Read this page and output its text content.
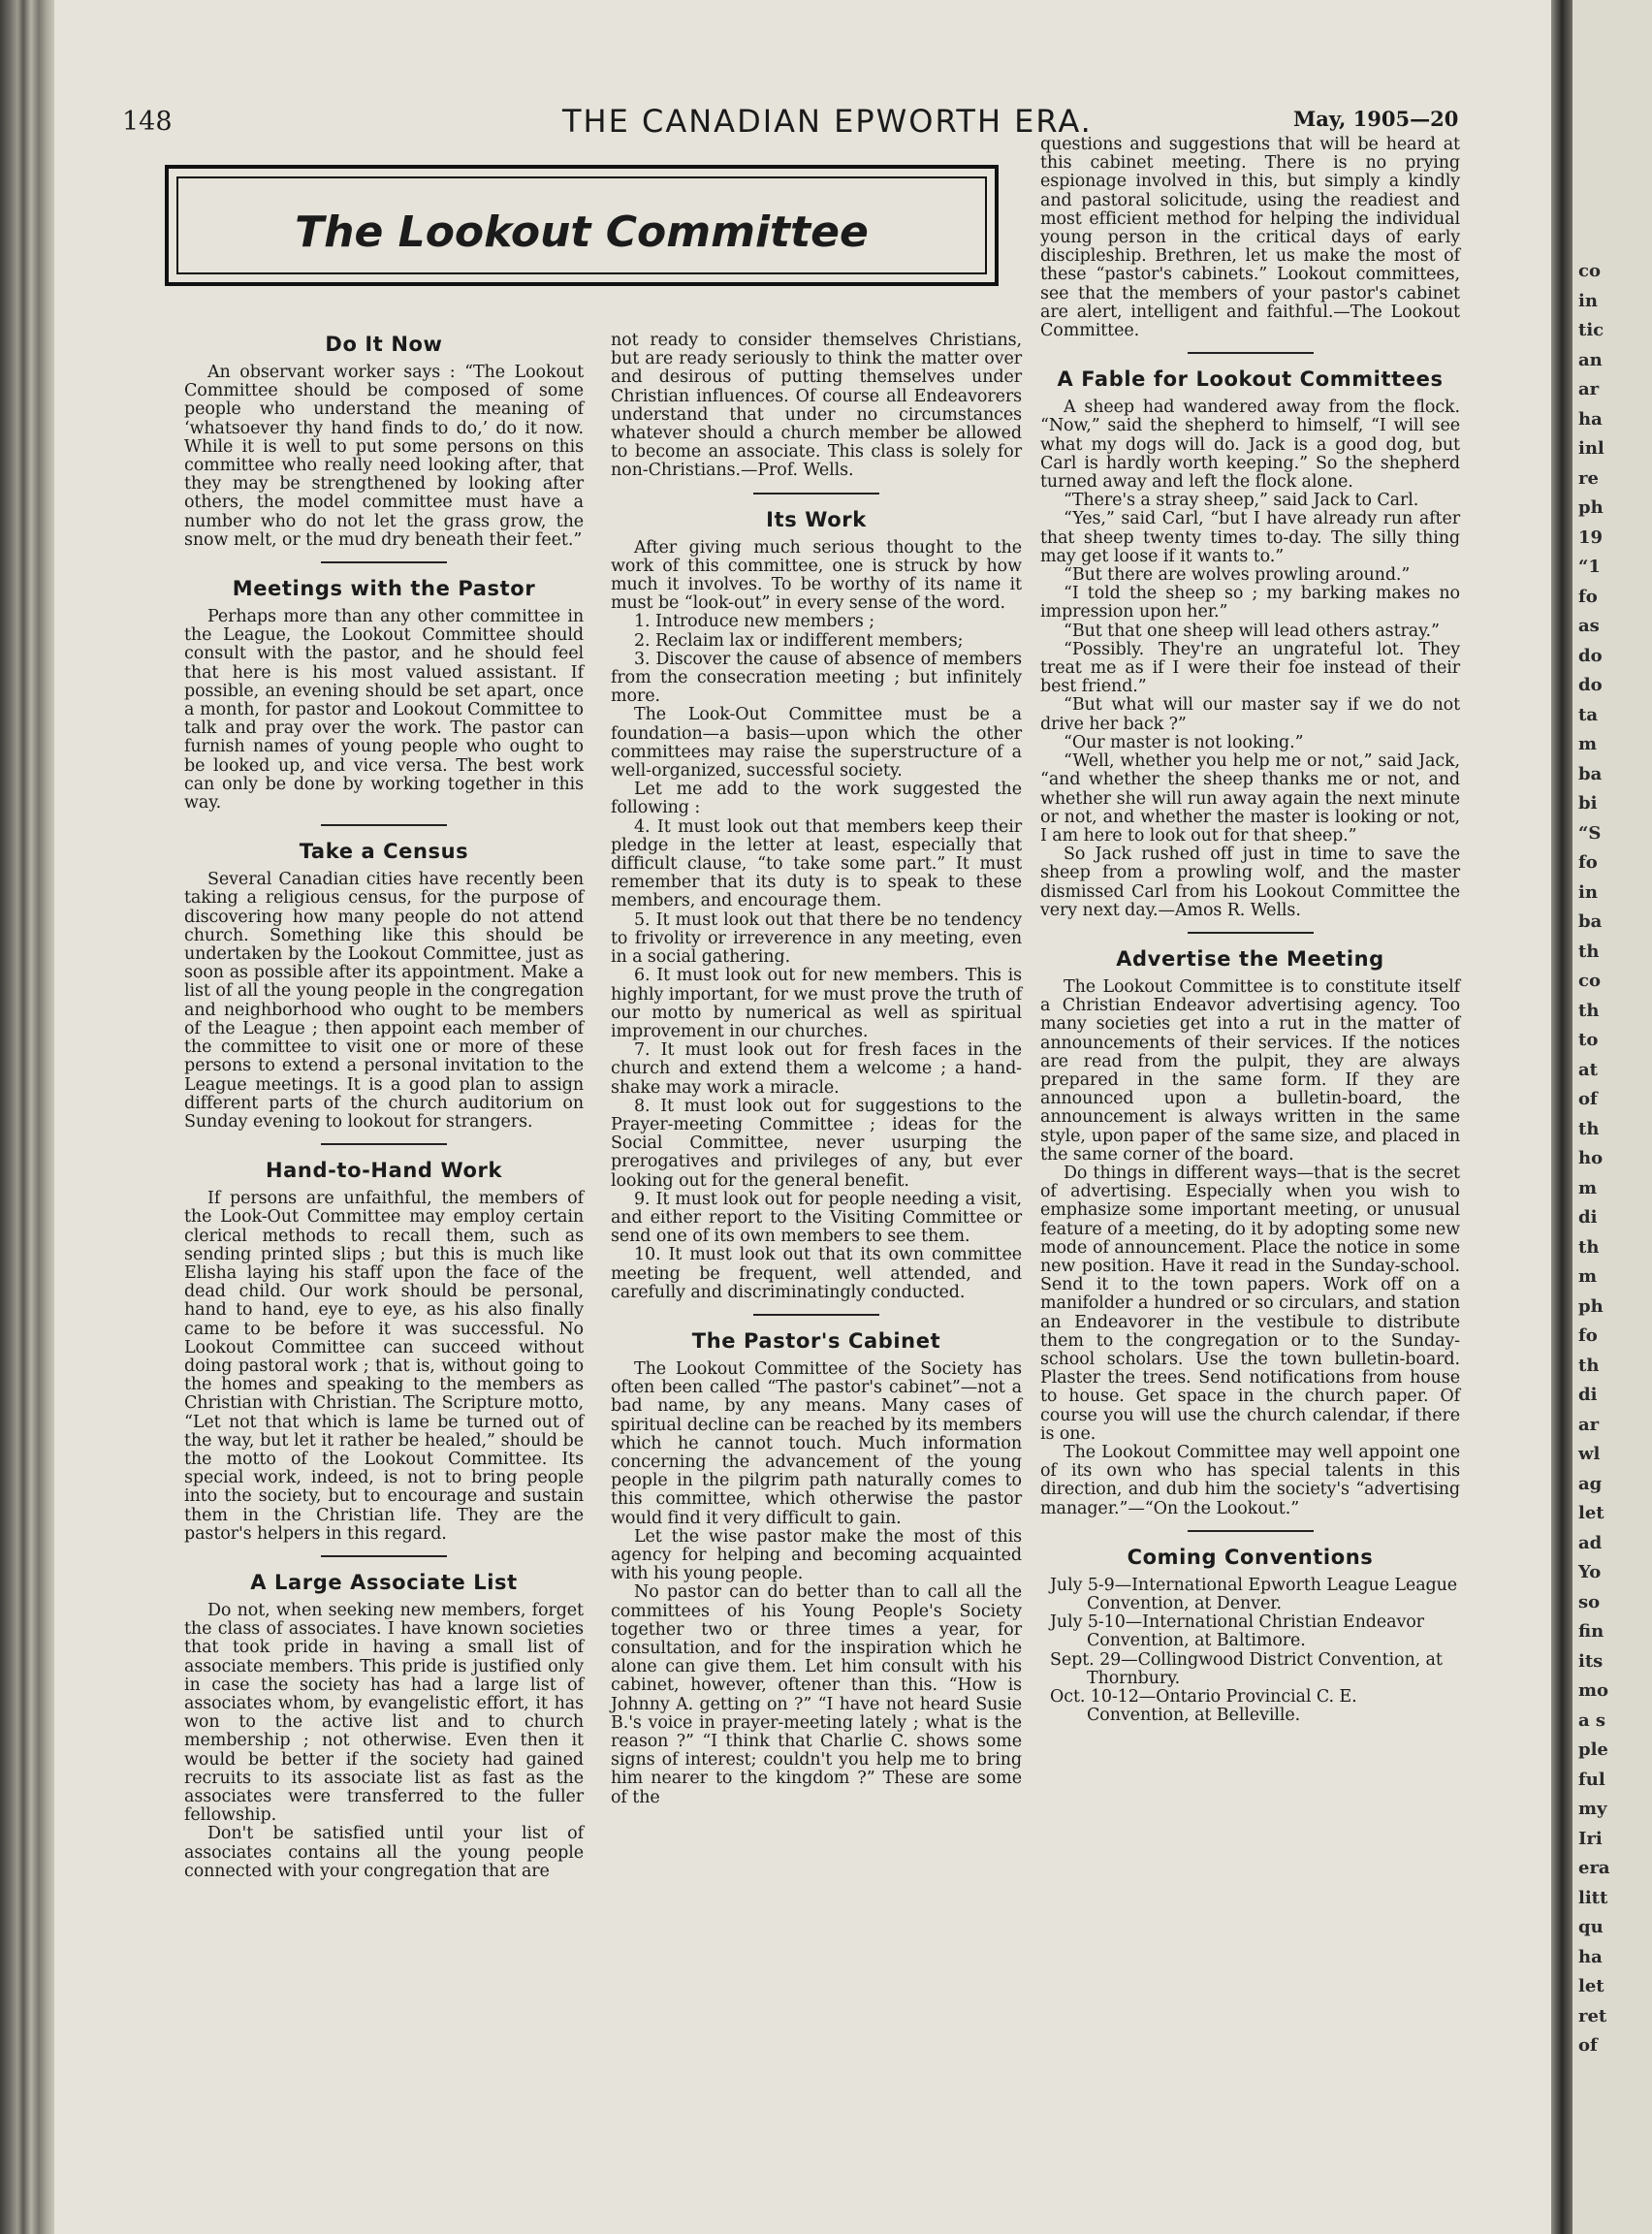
co
in
tic
an
ar
ha
inl
re
ph
19
“1
fo
as
do
do
ta
m
ba
bi
“S
fo
in
ba
th
co
th
to
at
of
th
ho
m
di
th
m
ph
fo
th
di
ar
wl
ag
let
ad
Yo
so
fin
its
mo
a s
ple
ful
my
Iri
era
litt
qu
ha
let
ret
of
148	THE CANADIAN EPWORTH ERA.	May, 1905—20
The Lookout Committee
Do It Now

An observant worker says : “The Lookout Committee should be composed of some people who understand the meaning of ‘whatsoever thy hand finds to do,’ do it now. While it is well to put some persons on this committee who really need looking after, that they may be strengthened by looking after others, the model committee must have a number who do not let the grass grow, the snow melt, or the mud dry beneath their feet.”

Meetings with the Pastor

Perhaps more than any other committee in the League, the Lookout Committee should consult with the pastor, and he should feel that here is his most valued assistant. If possible, an evening should be set apart, once a month, for pastor and Lookout Committee to talk and pray over the work. The pastor can furnish names of young people who ought to be looked up, and vice versa. The best work can only be done by working together in this way.

Take a Census

Several Canadian cities have recently been taking a religious census, for the purpose of discovering how many people do not attend church. Something like this should be undertaken by the Lookout Committee, just as soon as possible after its appointment. Make a list of all the young people in the congregation and neighborhood who ought to be members of the League ; then appoint each member of the committee to visit one or more of these persons to extend a personal invitation to the League meetings. It is a good plan to assign different parts of the church auditorium on Sunday evening to lookout for strangers.

Hand-to-Hand Work

If persons are unfaithful, the members of the Look-Out Committee may employ certain clerical methods to recall them, such as sending printed slips ; but this is much like Elisha laying his staff upon the face of the dead child. Our work should be personal, hand to hand, eye to eye, as his also finally came to be before it was successful. No Lookout Committee can succeed without doing pastoral work ; that is, without going to the homes and speaking to the members as Christian with Christian. The Scripture motto, “Let not that which is lame be turned out of the way, but let it rather be healed,” should be the motto of the Lookout Committee. Its special work, indeed, is not to bring people into the society, but to encourage and sustain them in the Christian life. They are the pastor's helpers in this regard.

A Large Associate List

Do not, when seeking new members, forget the class of associates. I have known societies that took pride in having a small list of associate members. This pride is justified only in case the society has had a large list of associates whom, by evangelistic effort, it has won to the active list and to church membership ; not otherwise. Even then it would be better if the society had gained recruits to its associate list as fast as the associates were transferred to the fuller fellowship.

Don't be satisfied until your list of associates contains all the young people connected with your congregation that are

not ready to consider themselves Christians, but are ready seriously to think the matter over and desirous of putting themselves under Christian influences. Of course all Endeavorers understand that under no circumstances whatever should a church member be allowed to become an associate. This class is solely for non-Christians.—Prof. Wells.

Its Work

After giving much serious thought to the work of this committee, one is struck by how much it involves. To be worthy of its name it must be “look-out” in every sense of the word.

1. Introduce new members ;
2. Reclaim lax or indifferent members;
3. Discover the cause of absence of members from the consecration meeting ; but infinitely more.

The Look-Out Committee must be a foundation—a basis—upon which the other committees may raise the superstructure of a well-organized, successful society.

Let me add to the work suggested the following :

4. It must look out that members keep their pledge in the letter at least, especially that difficult clause, “to take some part.” It must remember that its duty is to speak to these members, and encourage them.
5. It must look out that there be no tendency to frivolity or irreverence in any meeting, even in a social gathering.
6. It must look out for new members. This is highly important, for we must prove the truth of our motto by numerical as well as spiritual improvement in our churches.
7. It must look out for fresh faces in the church and extend them a welcome ; a hand-shake may work a miracle.
8. It must look out for suggestions to the Prayer-meeting Committee ; ideas for the Social Committee, never usurping the prerogatives and privileges of any, but ever looking out for the general benefit.
9. It must look out for people needing a visit, and either report to the Visiting Committee or send one of its own members to see them.
10. It must look out that its own committee meeting be frequent, well attended, and carefully and discriminatingly conducted.
The Pastor's Cabinet

The Lookout Committee of the Society has often been called “The pastor's cabinet”—not a bad name, by any means. Many cases of spiritual decline can be reached by its members which he cannot touch. Much information concerning the advancement of the young people in the pilgrim path naturally comes to this committee, which otherwise the pastor would find it very difficult to gain.

Let the wise pastor make the most of this agency for helping and becoming acquainted with his young people.

No pastor can do better than to call all the committees of his Young People's Society together two or three times a year, for consultation, and for the inspiration which he alone can give them. Let him consult with his cabinet, however, oftener than this. “How is Johnny A. getting on ?” “I have not heard Susie B.'s voice in prayer-meeting lately ; what is the reason ?” “I think that Charlie C. shows some signs of interest; couldn't you help me to bring him nearer to the kingdom ?” These are some of the

questions and suggestions that will be heard at this cabinet meeting. There is no prying espionage involved in this, but simply a kindly and pastoral solicitude, using the readiest and most efficient method for helping the individual young person in the critical days of early discipleship. Brethren, let us make the most of these “pastor's cabinets.” Lookout committees, see that the members of your pastor's cabinet are alert, intelligent and faithful.—The Lookout Committee.

A Fable for Lookout Committees

A sheep had wandered away from the flock. “Now,” said the shepherd to himself, “I will see what my dogs will do. Jack is a good dog, but Carl is hardly worth keeping.” So the shepherd turned away and left the flock alone.

“There's a stray sheep,” said Jack to Carl.

“Yes,” said Carl, “but I have already run after that sheep twenty times to-day. The silly thing may get loose if it wants to.”

“But there are wolves prowling around.”

“I told the sheep so ; my barking makes no impression upon her.”

“But that one sheep will lead others astray.”

“Possibly. They're an ungrateful lot. They treat me as if I were their foe instead of their best friend.”

“But what will our master say if we do not drive her back ?”

“Our master is not looking.”

“Well, whether you help me or not,” said Jack, “and whether the sheep thanks me or not, and whether she will run away again the next minute or not, and whether the master is looking or not, I am here to look out for that sheep.”

So Jack rushed off just in time to save the sheep from a prowling wolf, and the master dismissed Carl from his Lookout Committee the very next day.—Amos R. Wells.

Advertise the Meeting

The Lookout Committee is to constitute itself a Christian Endeavor advertising agency. Too many societies get into a rut in the matter of announcements of their services. If the notices are read from the pulpit, they are always prepared in the same form. If they are announced upon a bulletin-board, the announcement is always written in the same style, upon paper of the same size, and placed in the same corner of the board.

Do things in different ways—that is the secret of advertising. Especially when you wish to emphasize some important meeting, or unusual feature of a meeting, do it by adopting some new mode of announcement. Place the notice in some new position. Have it read in the Sunday-school. Send it to the town papers. Work off on a manifolder a hundred or so circulars, and station an Endeavorer in the vestibule to distribute them to the congregation or to the Sunday-school scholars. Use the town bulletin-board. Plaster the trees. Send notifications from house to house. Get space in the church paper. Of course you will use the church calendar, if there is one.

The Lookout Committee may well appoint one of its own who has special talents in this direction, and dub him the society's “advertising manager.”—“On the Lookout.”

Coming Conventions
July 5-9—International Epworth League League Convention, at Denver.
July 5-10—International Christian Endeavor Convention, at Baltimore.
Sept. 29—Collingwood District Convention, at Thornbury.
Oct. 10-12—Ontario Provincial C. E. Convention, at Belleville.
